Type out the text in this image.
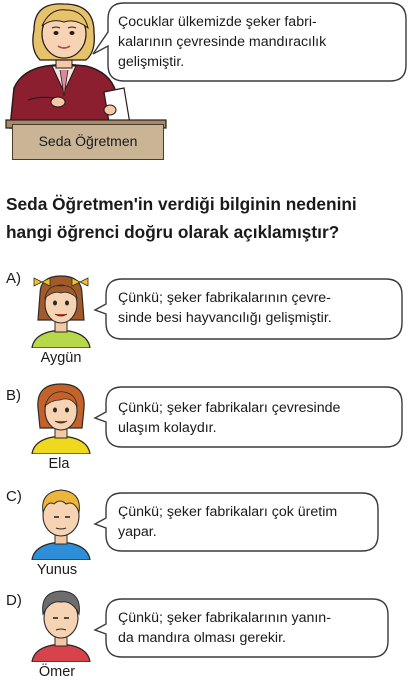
Seda Öğretmen
Çocuklar ülkemizde şeker fabri-
kalarının çevresinde mandıracılık
gelişmiştir.
Seda Öğretmen'in verdiği bilginin nedenini
hangi öğrenci doğru olarak açıklamıştır?
A)
Aygün
Çünkü; şeker fabrikalarının çevre-
sinde besi hayvancılığı gelişmiştir.
B)
Ela
Çünkü; şeker fabrikaları çevresinde
ulaşım kolaydır.
C)
Yunus
Çünkü; şeker fabrikaları çok üretim
yapar.
D)
Ömer
Çünkü; şeker fabrikalarının yanın-
da mandıra olması gerekir.
